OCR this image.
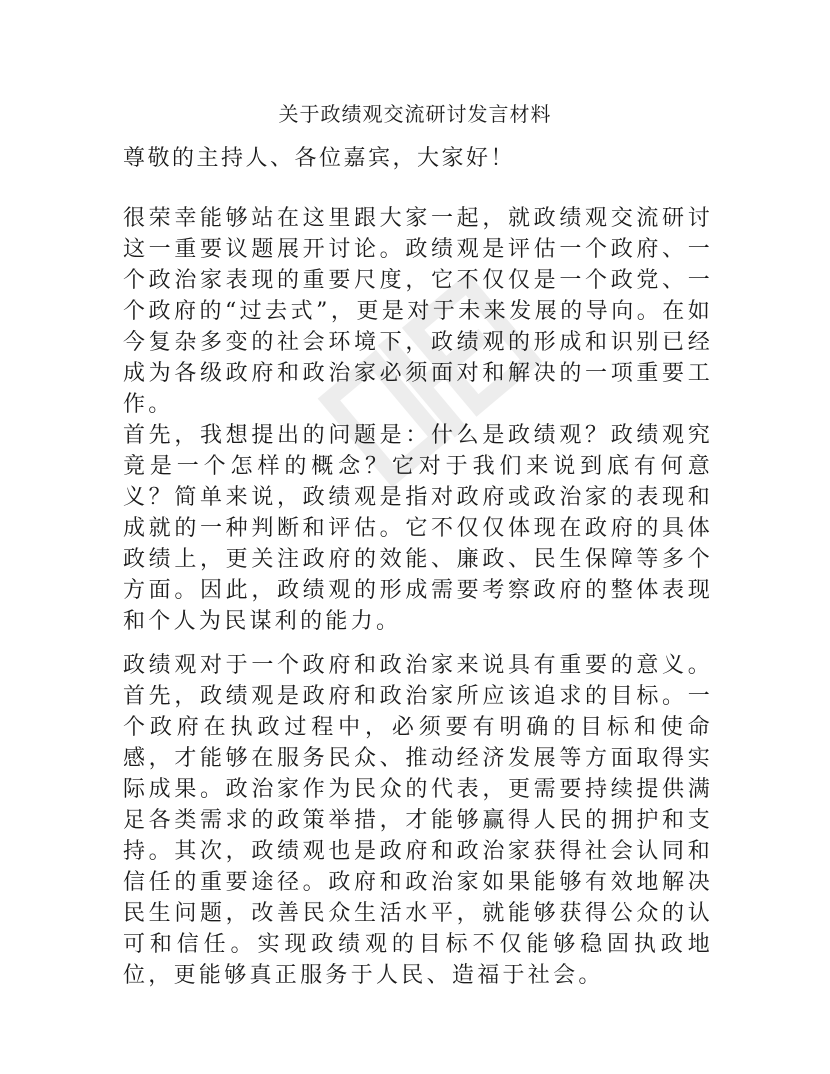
关于政绩观交流研讨发言材料

尊敬的主持人、各位嘉宾，大家好！

很荣幸能够站在这里跟大家一起，就政绩观交流研讨这一重要议题展开讨论。政绩观是评估一个政府、一个政治家表现的重要尺度，它不仅仅是一个政党、一个政府的“过去式”，更是对于未来发展的导向。在如今复杂多变的社会环境下，政绩观的形成和识别已经成为各级政府和政治家必须面对和解决的一项重要工作。

首先，我想提出的问题是：什么是政绩观？政绩观究竟是一个怎样的概念？它对于我们来说到底有何意义？简单来说，政绩观是指对政府或政治家的表现和成就的一种判断和评估。它不仅仅体现在政府的具体政绩上，更关注政府的效能、廉政、民生保障等多个方面。因此，政绩观的形成需要考察政府的整体表现和个人为民谋利的能力。

政绩观对于一个政府和政治家来说具有重要的意义。首先，政绩观是政府和政治家所应该追求的目标。一个政府在执政过程中，必须要有明确的目标和使命感，才能够在服务民众、推动经济发展等方面取得实际成果。政治家作为民众的代表，更需要持续提供满足各类需求的政策举措，才能够赢得人民的拥护和支持。其次，政绩观也是政府和政治家获得社会认同和信任的重要途径。政府和政治家如果能够有效地解决民生问题，改善民众生活水平，就能够获得公众的认可和信任。实现政绩观的目标不仅能够稳固执政地位，更能够真正服务于人民、造福于社会。
